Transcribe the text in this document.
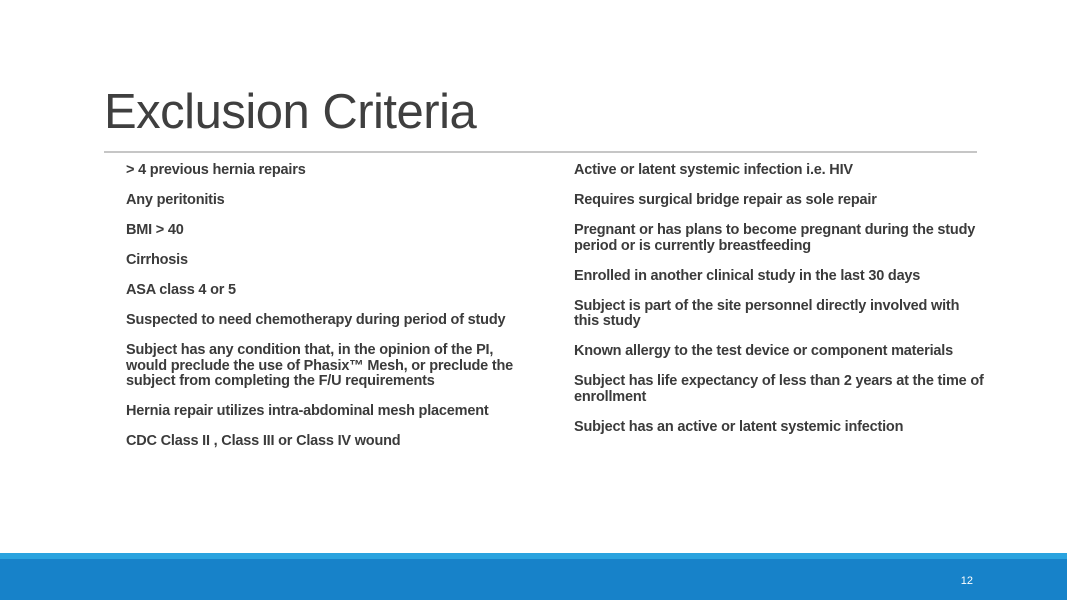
Exclusion Criteria
> 4 previous hernia repairs
Any peritonitis
BMI > 40
Cirrhosis
ASA class 4 or 5
Suspected to need chemotherapy during period of study
Subject has any condition that, in the opinion of the PI, would preclude the use of Phasix™ Mesh, or preclude the subject from completing the F/U requirements
Hernia repair utilizes intra-abdominal mesh placement
CDC Class II , Class III or Class IV wound
Active or latent systemic infection i.e. HIV
Requires surgical bridge repair as sole repair
Pregnant or has plans to become pregnant during the study period or is currently breastfeeding
Enrolled in another clinical study in the last 30 days
Subject is part of the site personnel directly involved with this study
Known allergy to the test device or component materials
Subject has life expectancy of less than 2 years at the time of enrollment
Subject has an active or latent systemic infection
12
